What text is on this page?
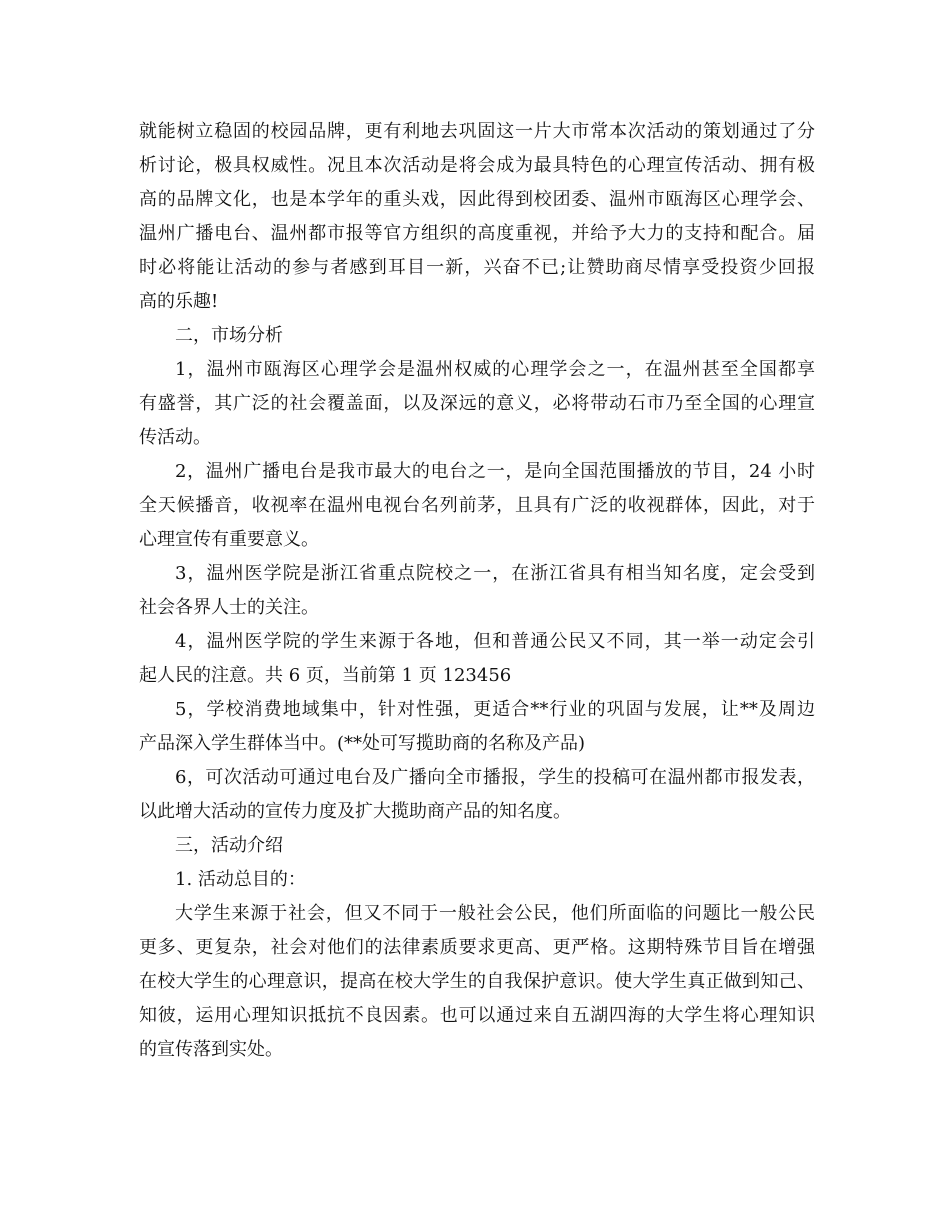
就能树立稳固的校园品牌，更有利地去巩固这一片大市常本次活动的策划通过了分
析讨论，极具权威性。况且本次活动是将会成为最具特色的心理宣传活动、拥有极
高的品牌文化，也是本学年的重头戏，因此得到校团委、温州市瓯海区心理学会、
温州广播电台、温州都市报等官方组织的高度重视，并给予大力的支持和配合。届
时必将能让活动的参与者感到耳目一新，兴奋不已;让赞助商尽情享受投资少回报
高的乐趣!
二，市场分析
1，温州市瓯海区心理学会是温州权威的心理学会之一，在温州甚至全国都享
有盛誉，其广泛的社会覆盖面，以及深远的意义，必将带动石市乃至全国的心理宣
传活动。
2，温州广播电台是我市最大的电台之一，是向全国范围播放的节目，24 小时
全天候播音，收视率在温州电视台名列前茅，且具有广泛的收视群体，因此，对于
心理宣传有重要意义。
3，温州医学院是浙江省重点院校之一，在浙江省具有相当知名度，定会受到
社会各界人士的关注。
4，温州医学院的学生来源于各地，但和普通公民又不同，其一举一动定会引
起人民的注意。共 6 页，当前第 1 页 123456
5，学校消费地域集中，针对性强，更适合**行业的巩固与发展，让**及周边
产品深入学生群体当中。(**处可写揽助商的名称及产品)
6，可次活动可通过电台及广播向全市播报，学生的投稿可在温州都市报发表，
以此增大活动的宣传力度及扩大揽助商产品的知名度。
三，活动介绍
1. 活动总目的：
大学生来源于社会，但又不同于一般社会公民，他们所面临的问题比一般公民
更多、更复杂，社会对他们的法律素质要求更高、更严格。这期特殊节目旨在增强
在校大学生的心理意识，提高在校大学生的自我保护意识。使大学生真正做到知己、
知彼，运用心理知识抵抗不良因素。也可以通过来自五湖四海的大学生将心理知识
的宣传落到实处。
